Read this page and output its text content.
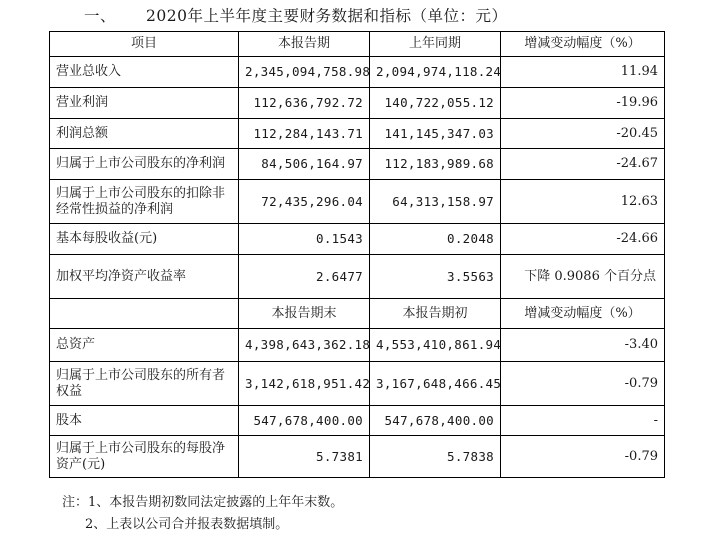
一、 2020年上半年度主要财务数据和指标（单位：元）
项目	本报告期	上年同期	增减变动幅度（%）
营业总收入	2,345,094,758.98	2,094,974,118.24	11.94
营业利润	112,636,792.72	140,722,055.12	-19.96
利润总额	112,284,143.71	141,145,347.03	-20.45
归属于上市公司股东的净利润	84,506,164.97	112,183,989.68	-24.67
归属于上市公司股东的扣除非经常性损益的净利润	72,435,296.04	64,313,158.97	12.63
基本每股收益(元)	0.1543	0.2048	-24.66
加权平均净资产收益率	2.6477	3.5563	下降 0.9086 个百分点
	本报告期末	本报告期初	增减变动幅度（%）
总资产	4,398,643,362.18	4,553,410,861.94	-3.40
归属于上市公司股东的所有者权益	3,142,618,951.42	3,167,648,466.45	-0.79
股本	547,678,400.00	547,678,400.00	-
归属于上市公司股东的每股净资产(元)	5.7381	5.7838	-0.79
注：1、本报告期初数同法定披露的上年年末数。
2、上表以公司合并报表数据填制。
